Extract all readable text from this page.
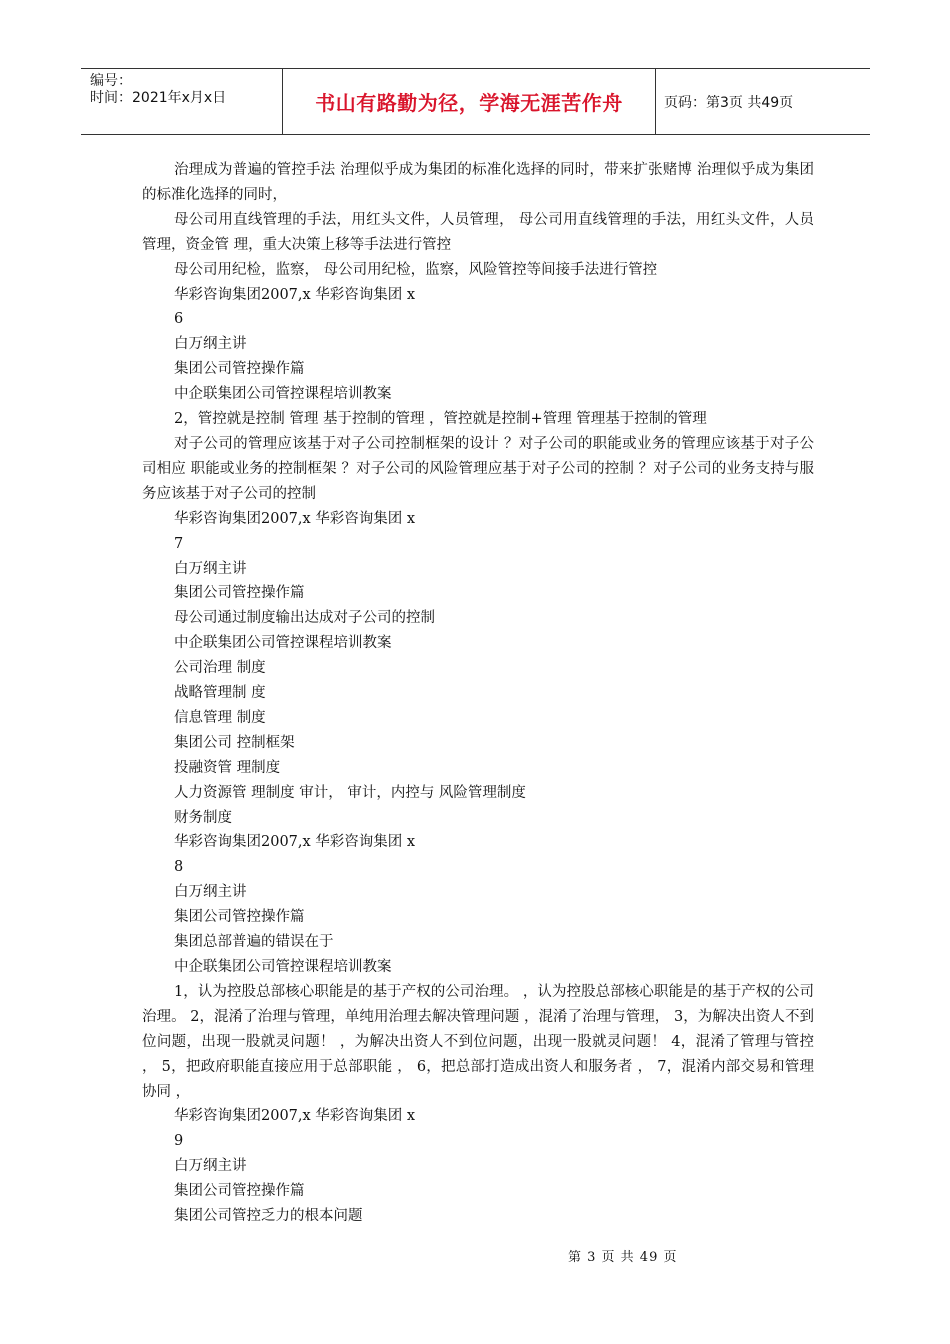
编号：
时间：2021年x月x日	书山有路勤为径，学海无涯苦作舟	页码：第3页 共49页

治理成为普遍的管控手法 治理似乎成为集团的标准化选择的同时，带来扩张赌博 治理似乎成为集团的标准化选择的同时，

母公司用直线管理的手法，用红头文件，人员管理， 母公司用直线管理的手法，用红头文件，人员管理，资金管 理，重大决策上移等手法进行管控

母公司用纪检，监察， 母公司用纪检，监察，风险管控等间接手法进行管控

华彩咨询集团2007,x 华彩咨询集团 x

6

白万纲主讲

集团公司管控操作篇

中企联集团公司管控课程培训教案

2，管控就是控制 管理 基于控制的管理 ，管控就是控制+管理 管理基于控制的管理

对子公司的管理应该基于对子公司控制框架的设计 ？对子公司的职能或业务的管理应该基于对子公司相应 职能或业务的控制框架 ？对子公司的风险管理应基于对子公司的控制 ？对子公司的业务支持与服务应该基于对子公司的控制

华彩咨询集团2007,x 华彩咨询集团 x

7

白万纲主讲

集团公司管控操作篇

母公司通过制度输出达成对子公司的控制

中企联集团公司管控课程培训教案

公司治理 制度

战略管理制 度

信息管理 制度

集团公司 控制框架

投融资管 理制度

人力资源管 理制度 审计， 审计，内控与 风险管理制度

财务制度

华彩咨询集团2007,x 华彩咨询集团 x

8

白万纲主讲

集团公司管控操作篇

集团总部普遍的错误在于

中企联集团公司管控课程培训教案

1，认为控股总部核心职能是的基于产权的公司治理。 ，认为控股总部核心职能是的基于产权的公司治理。 2，混淆了治理与管理，单纯用治理去解决管理问题 ，混淆了治理与管理， 3，为解决出资人不到位问题，出现一股就灵问题！ ，为解决出资人不到位问题，出现一股就灵问题！ 4，混淆了管理与管控 ， 5，把政府职能直接应用于总部职能 ， 6，把总部打造成出资人和服务者 ， 7，混淆内部交易和管理协同 ，

华彩咨询集团2007,x 华彩咨询集团 x

9

白万纲主讲

集团公司管控操作篇

集团公司管控乏力的根本问题

第 3 页 共 49 页
